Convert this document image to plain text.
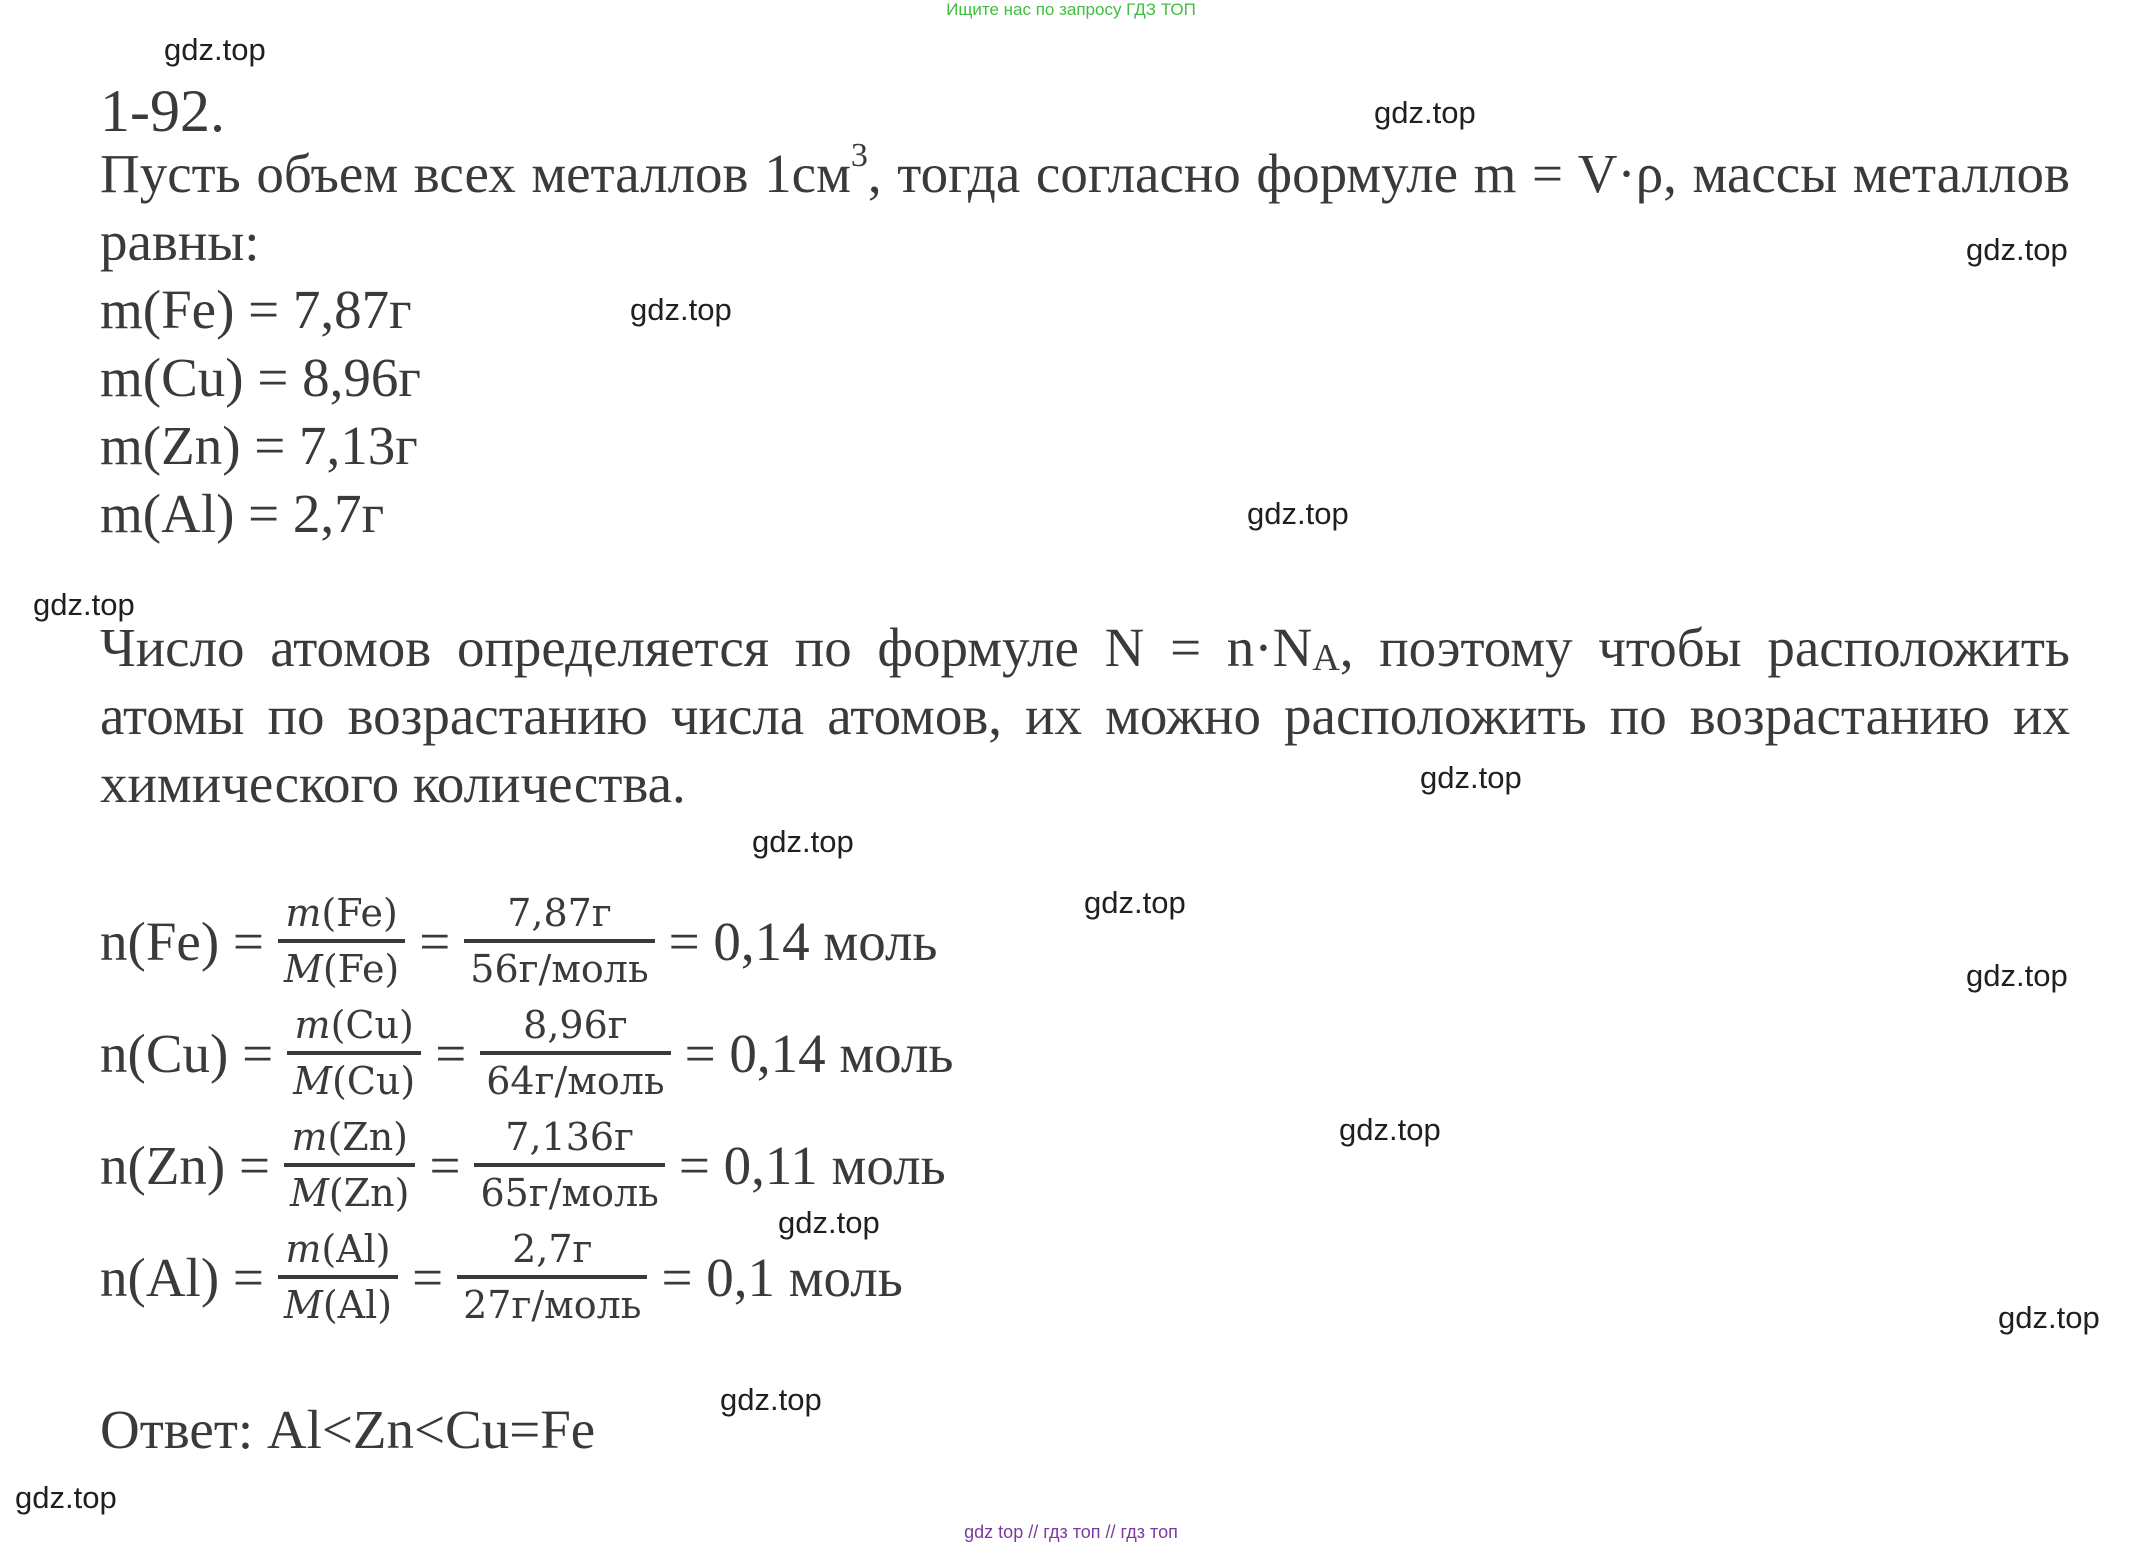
Ищите нас по запросу ГДЗ ТОП
gdz.top
gdz.top
gdz.top
gdz.top
gdz.top
gdz.top
gdz.top
gdz.top
gdz.top
gdz.top
gdz.top
gdz.top
gdz.top
gdz.top
gdz.top
1-92.
Пусть объем всех металлов $1см^3$, тогда согласно формуле m = V·ρ, массы металлов равны:
m(Fe) = 7,87г
m(Cu) = 8,96г
m(Zn) = 7,13г
m(Al) = 2,7г
Число атомов определяется по формуле $N = n\cdot N_A$, поэтому чтобы расположить атомы по возрастанию числа атомов, их можно расположить по возрастанию их химического количества.
$n(Fe) = \frac{m(Fe)}{M(Fe)} = \frac{7,87г}{\text{56г/моль}} = 0,14$ моль
$n(Cu) = \frac{m(Cu)}{M(Cu)} = \frac{8,96г}{\text{64г/моль}} = 0,14$ моль
$n(Zn) = \frac{m(Zn)}{M(Zn)} = \frac{7,136г}{\text{65г/моль}} = 0,11$ моль
$n(Al) = \frac{m(Al)}{M(Al)} = \frac{2,7г}{\text{27г/моль}} = 0,1$ моль
Ответ: Al<Zn<Cu=Fe
gdz top // гдз топ // гдз топ
